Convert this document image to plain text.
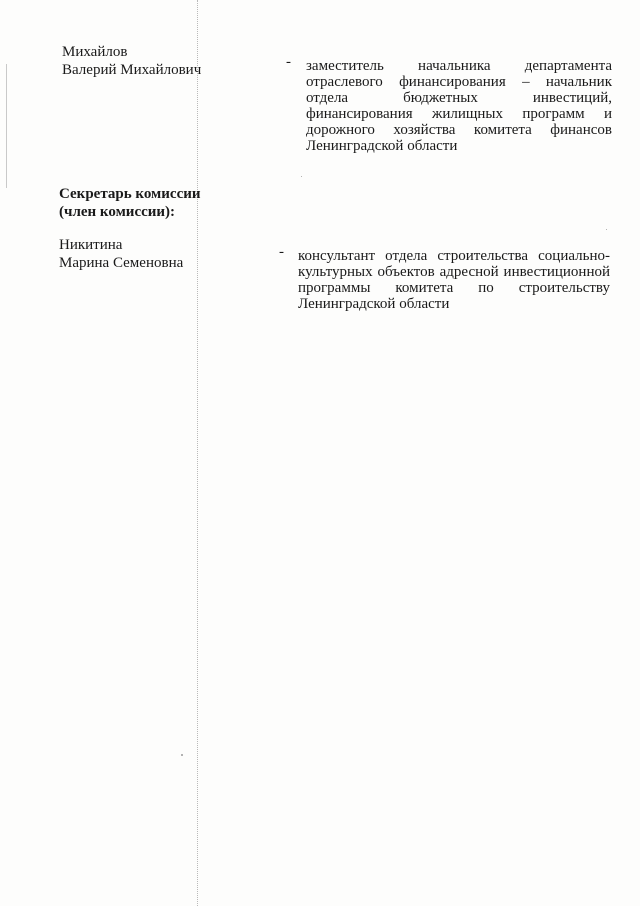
Михайлов
Валерий Михайлович	- заместитель начальника департамента отраслевого финансирования – начальник отдела бюджетных инвестиций, финансирования жилищных программ и дорожного хозяйства комитета финансов Ленинградской области
Секретарь комиссии
(член комиссии):
Никитина
Марина Семеновна
- консультант отдела строительства социально-культурных объектов адресной инвестиционной программы комитета по строительству Ленинградской области
